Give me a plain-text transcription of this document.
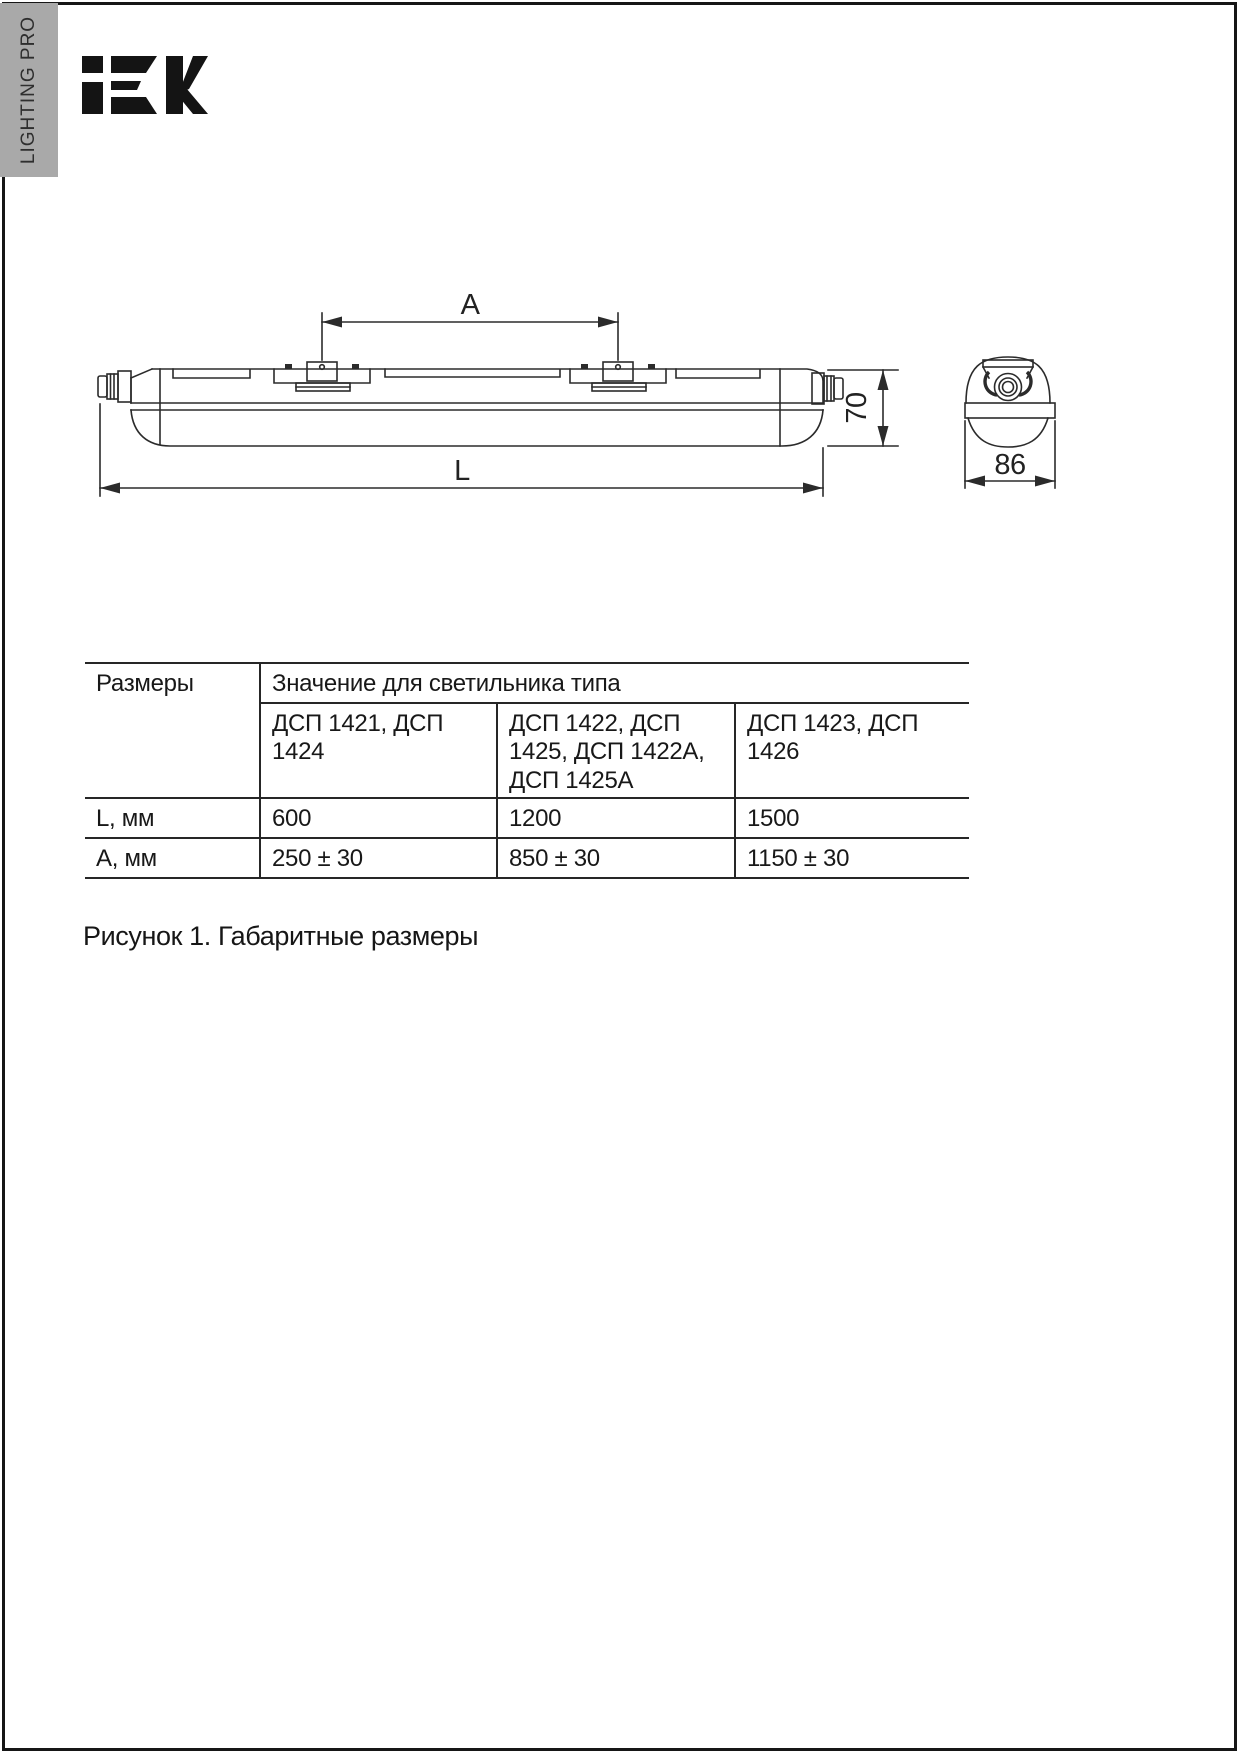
LIGHTING PRO
A
L
70
86
Размеры	Значение для светильника типа		
	ДСП 1421, ДСП 1424	ДСП 1422, ДСП 1425, ДСП 1422А, ДСП 1425А	ДСП 1423, ДСП 1426
L, мм	600	1200	1500
А, мм	250 ± 30	850 ± 30	1150 ± 30
Рисунок 1. Габаритные размеры
